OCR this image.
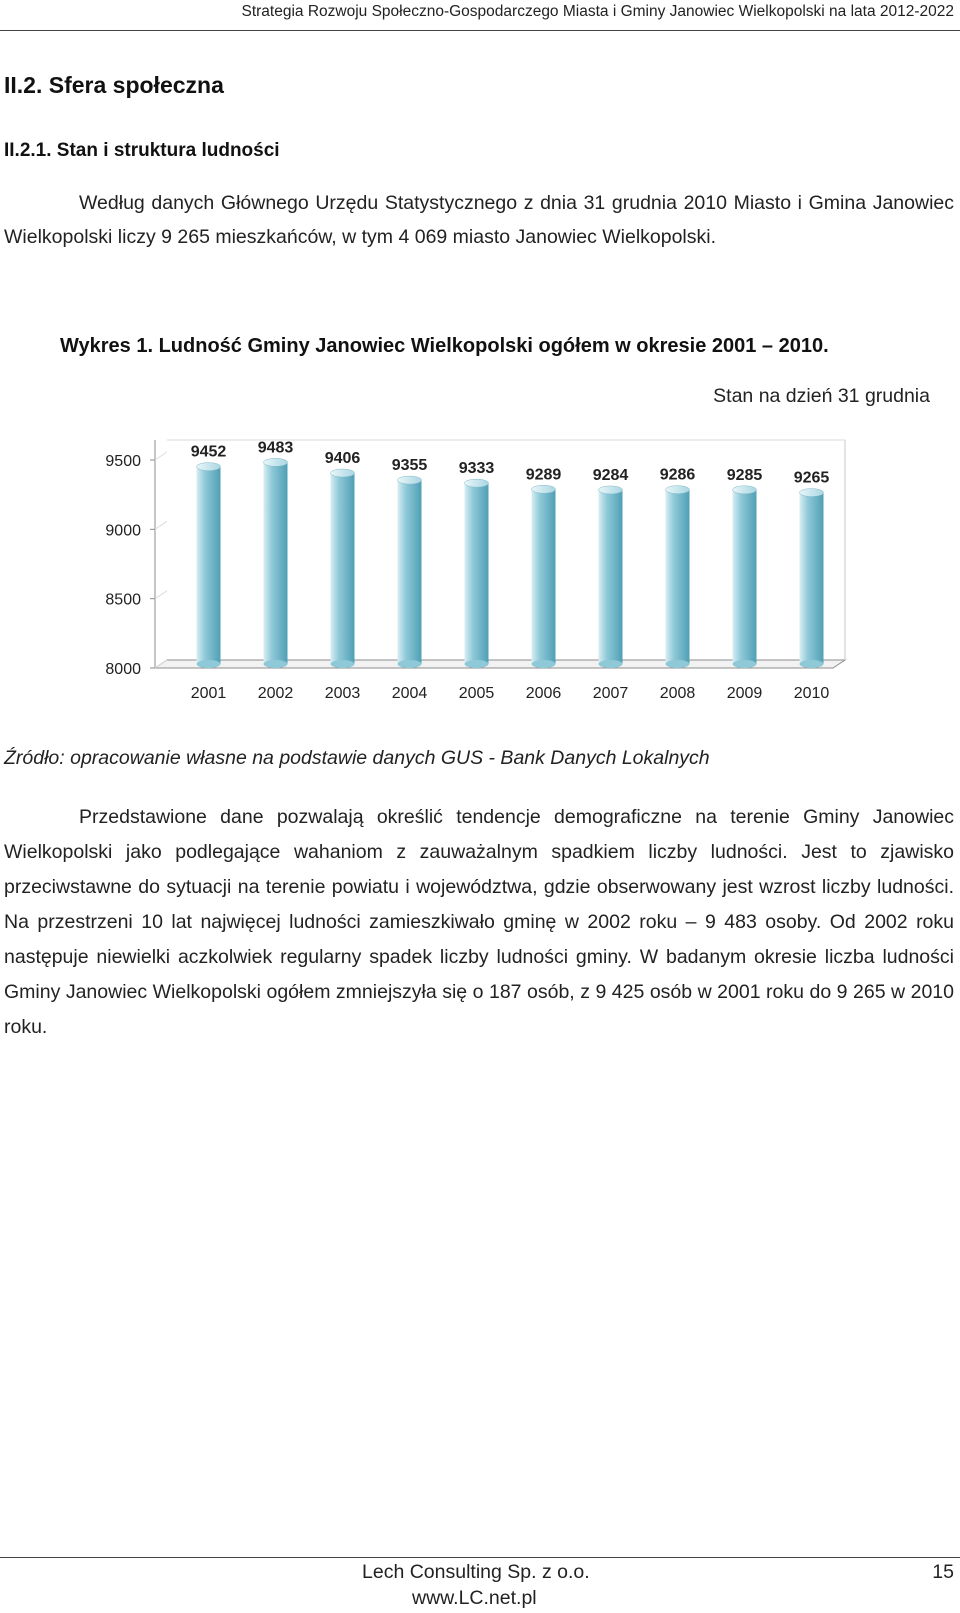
Strategia Rozwoju Społeczno-Gospodarczego Miasta i Gminy Janowiec Wielkopolski na lata 2012-2022
II.2. Sfera społeczna
II.2.1. Stan i struktura ludności

Według danych Głównego Urzędu Statystycznego z dnia 31 grudnia 2010 Miasto i Gmina Janowiec Wielkopolski liczy 9 265 mieszkańców, w tym 4 069 miasto Janowiec Wielkopolski.

Wykres 1. Ludność Gminy Janowiec Wielkopolski ogółem w okresie 2001 – 2010.
Stan na dzień 31 grudnia
8000
8500
9000
9500
9452 9483
9406 9355 9333 9289 9284 9286 9285 9265
2001 2002 2003 2004 2005 2006 2007 2008 2009 2010
Źródło: opracowanie własne na podstawie danych GUS - Bank Danych Lokalnych

Przedstawione dane pozwalają określić tendencje demograficzne na terenie Gminy Janowiec Wielkopolski jako podlegające wahaniom z zauważalnym spadkiem liczby ludności. Jest to zjawisko przeciwstawne do sytuacji na terenie powiatu i województwa, gdzie obserwowany jest wzrost liczby ludności. Na przestrzeni 10 lat najwięcej ludności zamieszkiwało gminę w 2002 roku – 9 483 osoby. Od 2002 roku następuje niewielki aczkolwiek regularny spadek liczby ludności gminy. W badanym okresie liczba ludności Gminy Janowiec Wielkopolski ogółem zmniejszyła się o 187 osób, z 9 425 osób w 2001 roku do 9 265 w 2010 roku.

Lech Consulting Sp. z o.o.
www.LC.net.pl
15
